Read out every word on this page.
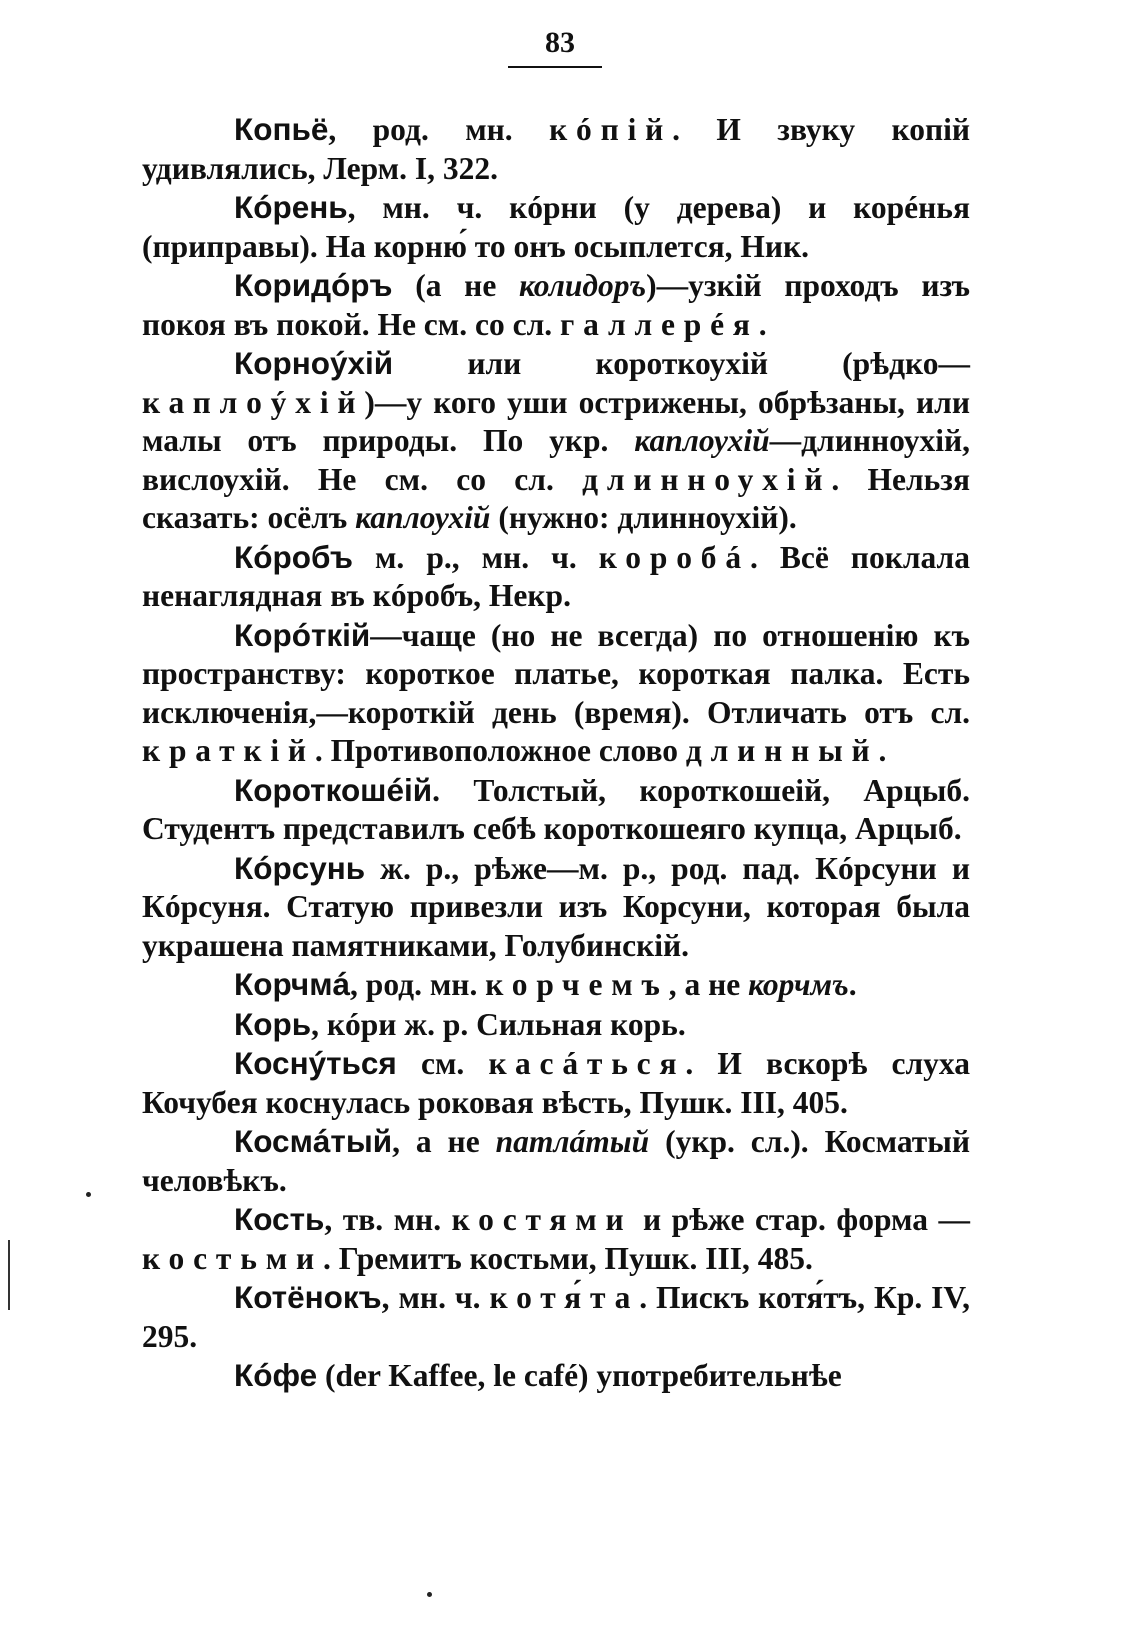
83

Копьё, род. мн. кóпій. И звуку копій удивлялись, Лерм. I, 322.

Кóрень, мн. ч. кóрни (у дерева) и корéнья (приправы). На корню́ то онъ осыплется, Ник.

Коридóръ (а не колидоръ)—узкій проходъ изъ покоя въ покой. Не см. со сл. галлерéя.

Корноýхій или короткоухій (рѣдко—каплоýхій)—у кого уши острижены, обрѣзаны, или малы отъ природы. По укр. каплоухій—длинноухій, вислоухій. Не см. со сл. длинноухій. Нельзя сказать: осёлъ каплоухій (нужно: длинноухій).

Кóробъ м. р., мн. ч. коробá. Всё поклала ненаглядная въ кóробъ, Некр.

Корóткій—чаще (но не всегда) по отношенію къ пространству: короткое платье, короткая палка. Есть исключенія,—короткій день (время). Отличать отъ сл. краткій. Противоположное слово длинный.

Короткошéій. Толстый, короткошеій, Арцыб. Студентъ представилъ себѣ короткошеяго купца, Арцыб.

Кóрсунь ж. р., рѣже—м. р., род. пад. Кóрсуни и Кóрсуня. Статую привезли изъ Корсуни, которая была украшена памятниками, Голубинскій.

Корчмá, род. мн. корчемъ, а не корчмъ.

Корь, кóри ж. р. Сильная корь.

Коснýться см. касáться. И вскорѣ слуха Кочубея коснулась роковая вѣсть, Пушк. III, 405.

Космáтый, а не патлáтый (укр. сл.). Косматый человѣкъ.

Кость, тв. мн. костями и рѣже стар. форма —костьми. Гремитъ костьми, Пушк. III, 485.

Котёнокъ, мн. ч. котя́та. Пискъ котя́тъ, Кр. IV, 295.

Кóфе (der Kaffee, le café) употребительнѣе
